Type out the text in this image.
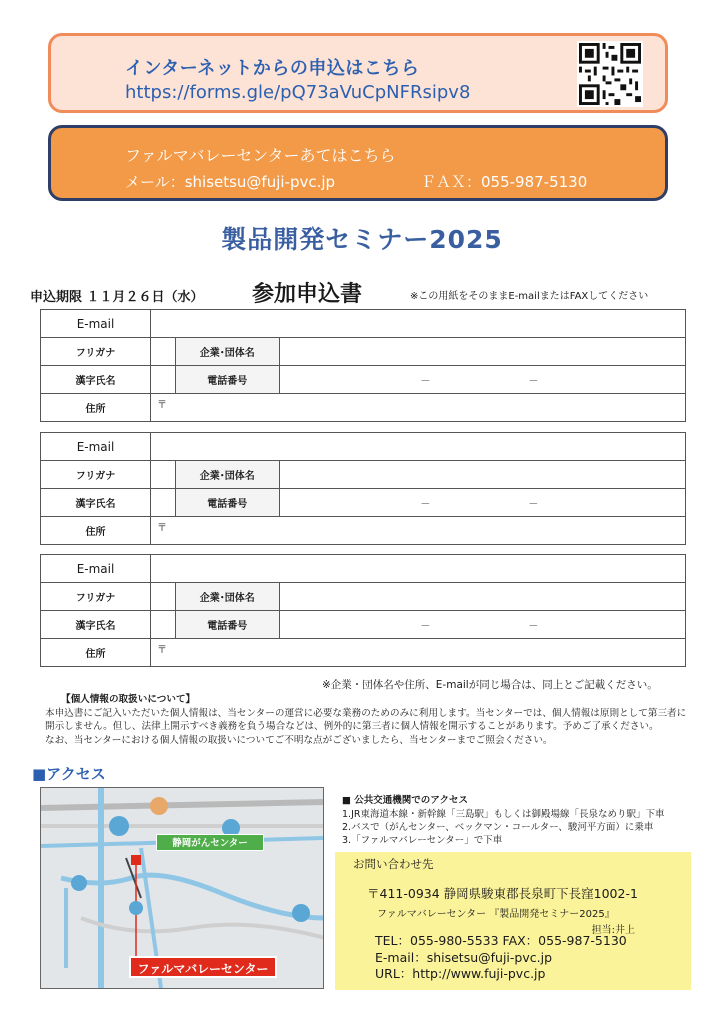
インターネットからの申込はこちら
https://forms.gle/pQ73aVuCpNFRsipv8
ファルマバレーセンターあてはこちら
メール：shisetsu@fuji-pvc.jp	ＦＡＸ：055-987-5130
製品開発セミナー2025
申込期限 １１月２６日（水） 参加申込書	※この用紙をそのままE-mailまたはFAXしてください
E-mail			
フリガナ		企業･団体名	
漢字氏名		電話番号	－　－
住所	〒		
E-mail			
フリガナ		企業･団体名	
漢字氏名		電話番号	－　－
住所	〒		
E-mail			
フリガナ		企業･団体名	
漢字氏名		電話番号	－　－
住所	〒		
※企業・団体名や住所、E-mailが同じ場合は、同上とご記載ください。
【個人情報の取扱いについて】
本申込書にご記入いただいた個人情報は、当センターの運営に必要な業務のためのみに利用します。当センターでは、個人情報は原則として第三者に開示しません。但し、法律上開示すべき義務を負う場合などは、例外的に第三者に個人情報を開示することがあります。予めご了承ください。
なお、当センターにおける個人情報の取扱いについてご不明な点がございましたら、当センターまでご照会ください。
■アクセス
静岡がんセンター
ファルマバレーセンター
■ 公共交通機関でのアクセス
1.JR東海道本線・新幹線「三島駅」もしくは御殿場線「長泉なめり駅」下車
2.バスで（がんセンター、ベックマン・コールター、駿河平方面）に乗車
3.「ファルマバレーセンター」で下車
お問い合わせ先
〒411-0934 静岡県駿東郡長泉町下長窪1002-1
ファルマバレーセンター 『製品開発セミナー2025』
担当:井上
TEL：055-980-5533 FAX：055-987-5130
E-mail：shisetsu@fuji-pvc.jp
URL：http://www.fuji-pvc.jp
